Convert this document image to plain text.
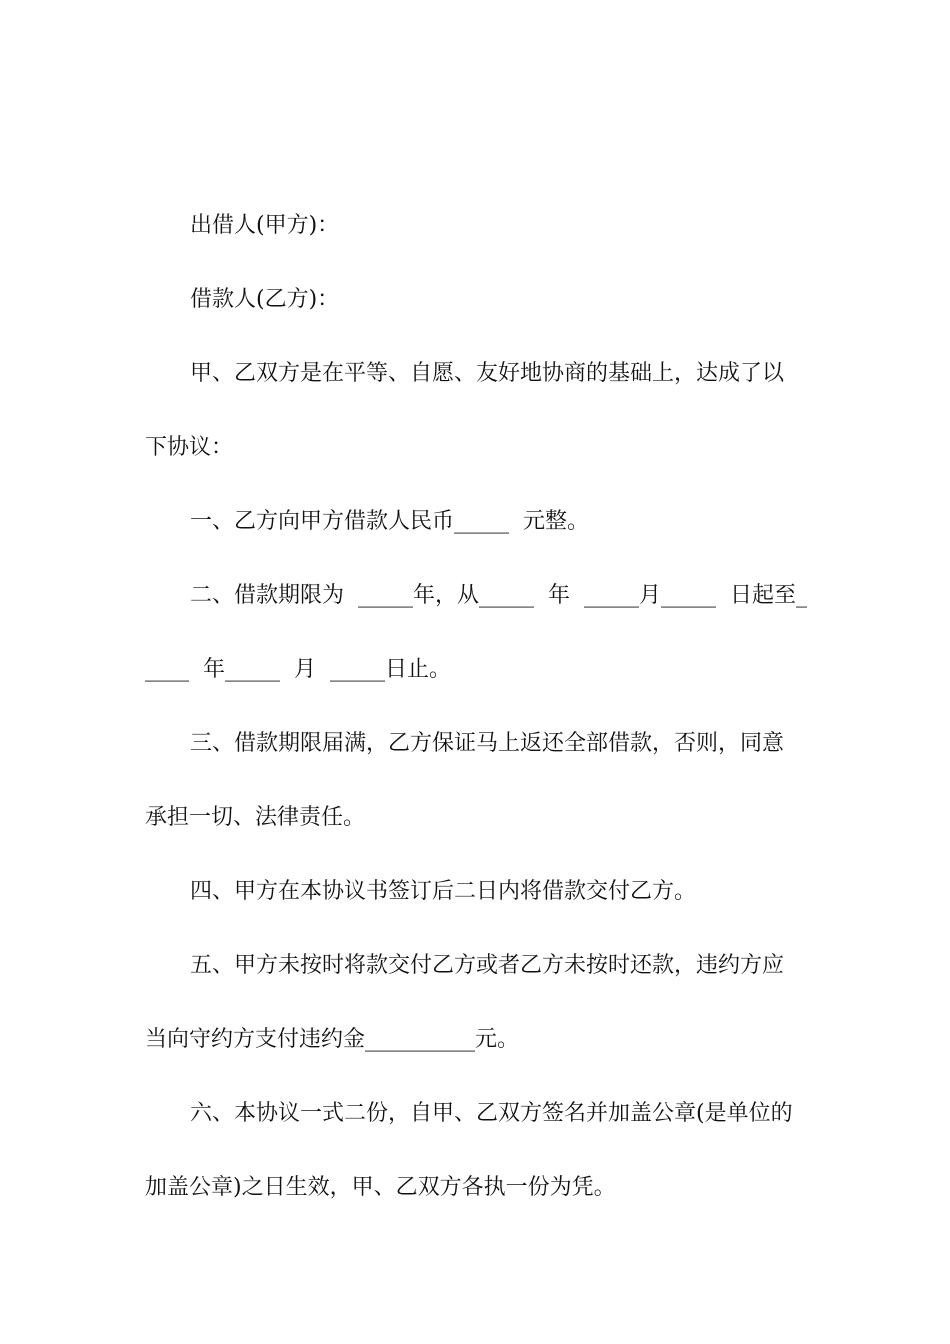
出借人(甲方)：
借款人(乙方)：
甲、乙双方是在平等、自愿、友好地协商的基础上，达成了以
下协议：
一、乙方向甲方借款人民币_____  元整。
二、借款期限为  _____年，从_____  年  _____月_____  日起至_
____  年_____  月  _____日止。
三、借款期限届满，乙方保证马上返还全部借款，否则，同意
承担一切、法律责任。
四、甲方在本协议书签订后二日内将借款交付乙方。
五、甲方未按时将款交付乙方或者乙方未按时还款，违约方应
当向守约方支付违约金__________元。
六、本协议一式二份，自甲、乙双方签名并加盖公章(是单位的
加盖公章)之日生效，甲、乙双方各执一份为凭。
